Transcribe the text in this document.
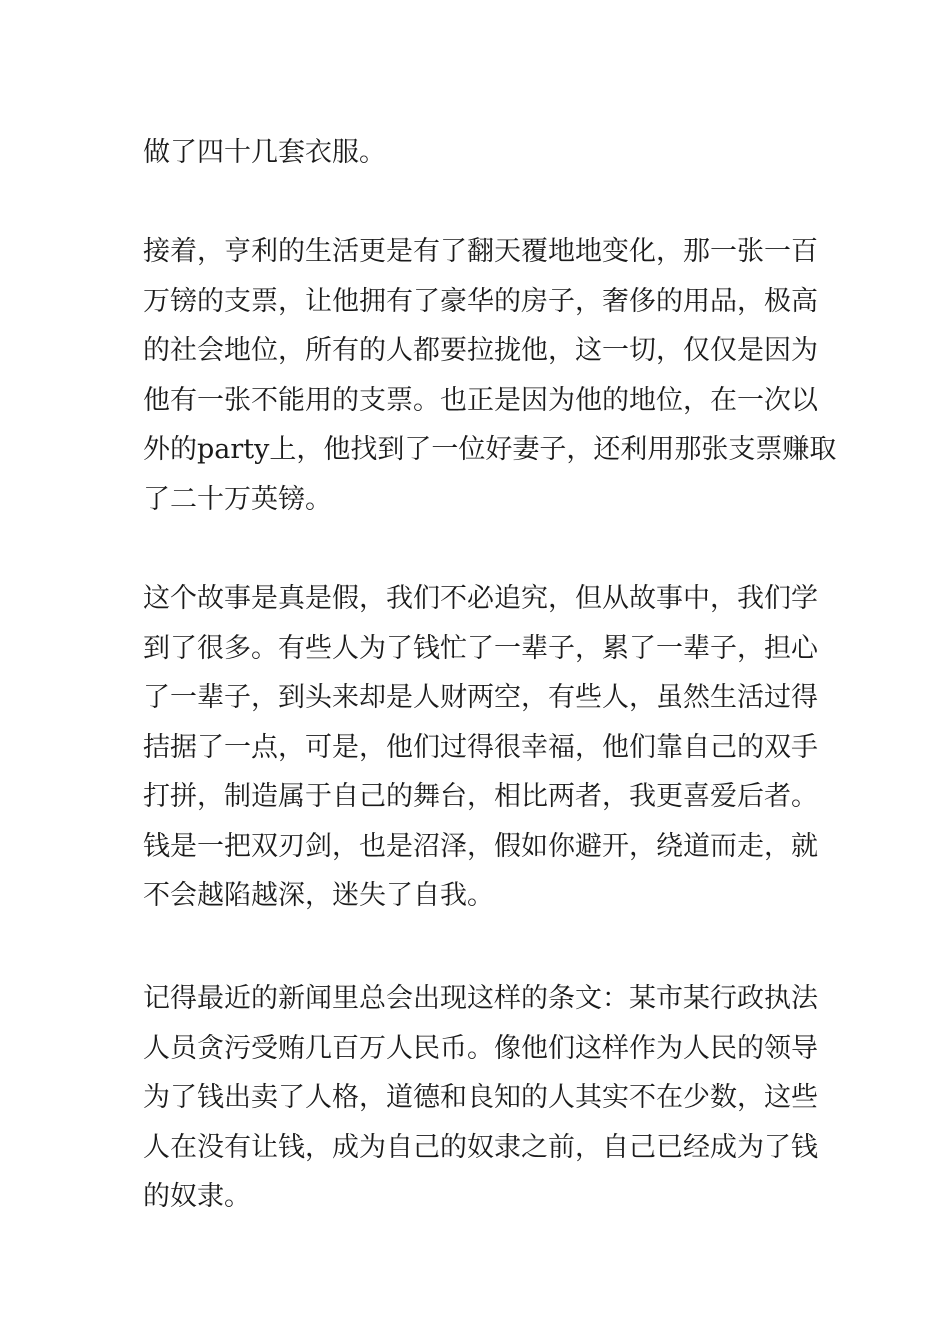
做了四十几套衣服。

接着，亨利的生活更是有了翻天覆地地变化，那一张一百
万镑的支票，让他拥有了豪华的房子，奢侈的用品，极高
的社会地位，所有的人都要拉拢他，这一切，仅仅是因为
他有一张不能用的支票。也正是因为他的地位，在一次以
外的party上，他找到了一位好妻子，还利用那张支票赚取
了二十万英镑。

这个故事是真是假，我们不必追究，但从故事中，我们学
到了很多。有些人为了钱忙了一辈子，累了一辈子，担心
了一辈子，到头来却是人财两空，有些人，虽然生活过得
拮据了一点，可是，他们过得很幸福，他们靠自己的双手
打拼，制造属于自己的舞台，相比两者，我更喜爱后者。
钱是一把双刃剑，也是沼泽，假如你避开，绕道而走，就
不会越陷越深，迷失了自我。

记得最近的新闻里总会出现这样的条文：某市某行政执法
人员贪污受贿几百万人民币。像他们这样作为人民的领导
为了钱出卖了人格，道德和良知的人其实不在少数，这些
人在没有让钱，成为自己的奴隶之前，自己已经成为了钱
的奴隶。
